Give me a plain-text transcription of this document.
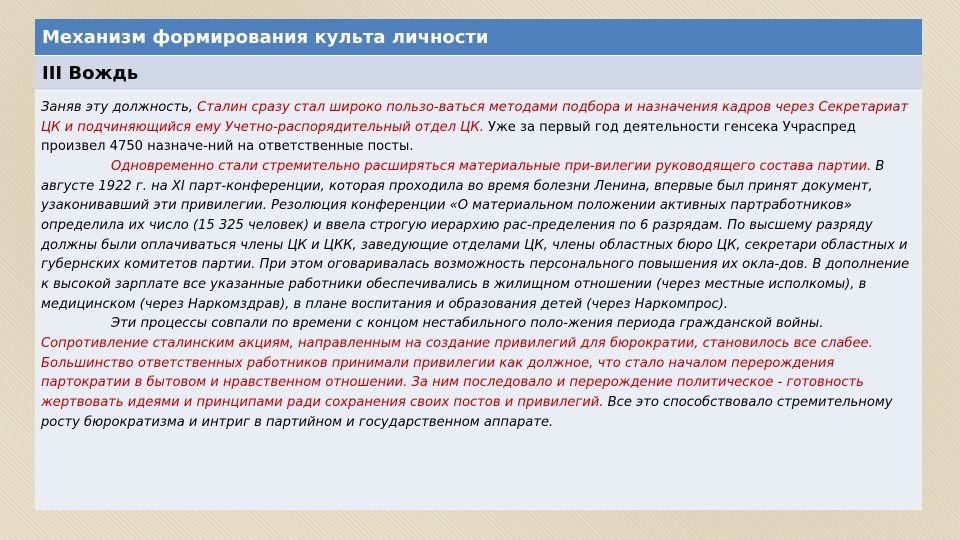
Механизм формирования культа личности
III Вождь

Заняв эту должность, Сталин сразу стал широко пользо-ваться методами подбора и назначения кадров через Секретариат ЦК и подчиняющийся ему Учетно-распорядительный отдел ЦК. Уже за первый год деятельности генсека Учраспред произвел 4750 назначе-ний на ответственные посты.

Одновременно стали стремительно расширяться материальные при-вилегии руководящего состава партии. В августе 1922 г. на XI парт-конференции, которая проходила во время болезни Ленина, впервые был принят документ, узаконивавший эти привилегии. Резолюция конференции «О материальном положении активных партработников» определила их число (15 325 человек) и ввела строгую иерархию рас-пределения по 6 разрядам. По высшему разряду должны были оплачиваться члены ЦК и ЦКК, заведующие отделами ЦК, члены областных бюро ЦК, секретари областных и губернских комитетов партии. При этом оговаривалась возможность персонального повышения их окла-дов. В дополнение к высокой зарплате все указанные работники обеспечивались в жилищном отношении (через местные исполкомы), в медицинском (через Наркомздрав), в плане воспитания и образования детей (через Наркомпрос).

Эти процессы совпали по времени с концом нестабильного поло-жения периода гражданской войны. Сопротивление сталинским акциям, направленным на создание привилегий для бюрократии, становилось все слабее. Большинство ответственных работников принимали привилегии как должное, что стало началом перерождения партократии в бытовом и нравственном отношении. За ним последовало и перерождение политическое - готовность жертвовать идеями и принципами ради сохранения своих постов и привилегий. Все это способствовало стремительному росту бюрократизма и интриг в партийном и государственном аппарате.
